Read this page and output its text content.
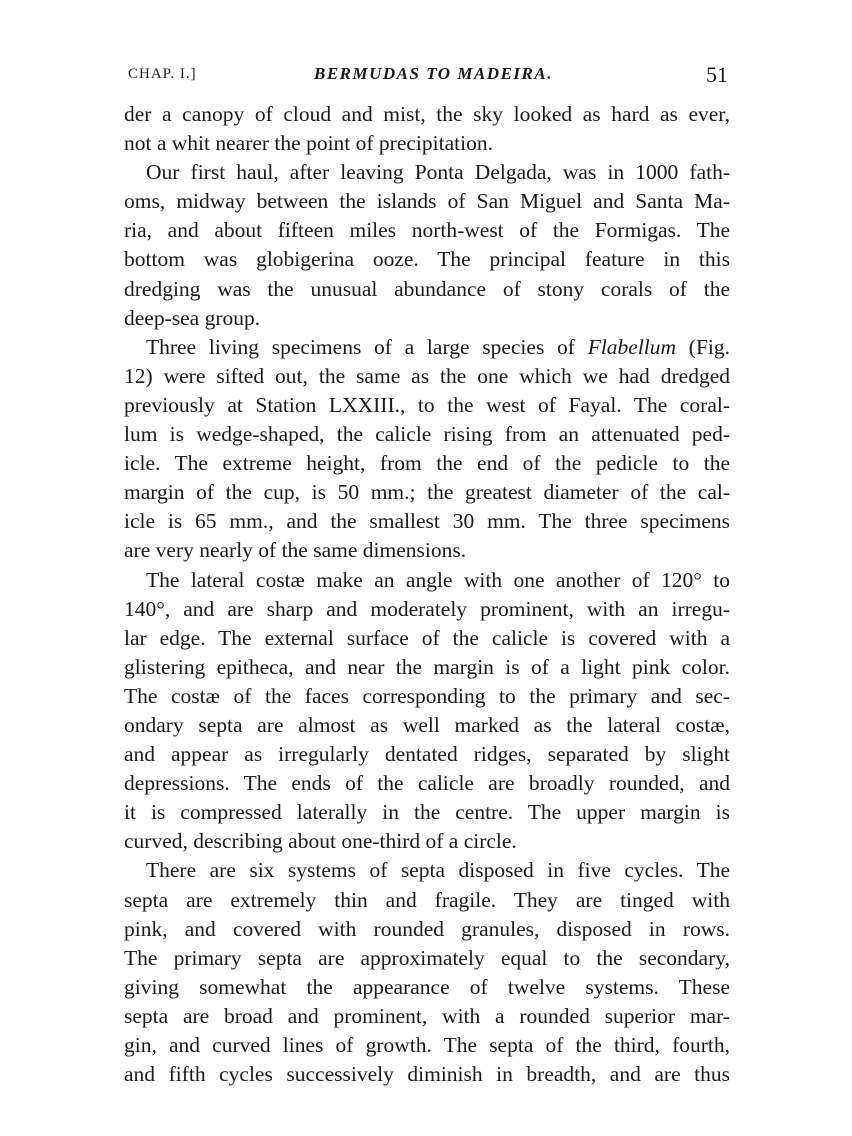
CHAP. I.]	BERMUDAS TO MADEIRA.	51
der a canopy of cloud and mist, the sky looked as hard as ever,
not a whit nearer the point of precipitation.
Our first haul, after leaving Ponta Delgada, was in 1000 fath-
oms, midway between the islands of San Miguel and Santa Ma-
ria, and about fifteen miles north-west of the Formigas. The
bottom was globigerina ooze. The principal feature in this
dredging was the unusual abundance of stony corals of the
deep-sea group.
Three living specimens of a large species of Flabellum (Fig.
12) were sifted out, the same as the one which we had dredged
previously at Station LXXIII., to the west of Fayal. The coral-
lum is wedge-shaped, the calicle rising from an attenuated ped-
icle. The extreme height, from the end of the pedicle to the
margin of the cup, is 50 mm.; the greatest diameter of the cal-
icle is 65 mm., and the smallest 30 mm. The three specimens
are very nearly of the same dimensions.
The lateral costæ make an angle with one another of 120° to
140°, and are sharp and moderately prominent, with an irregu-
lar edge. The external surface of the calicle is covered with a
glistering epitheca, and near the margin is of a light pink color.
The costæ of the faces corresponding to the primary and sec-
ondary septa are almost as well marked as the lateral costæ,
and appear as irregularly dentated ridges, separated by slight
depressions. The ends of the calicle are broadly rounded, and
it is compressed laterally in the centre. The upper margin is
curved, describing about one-third of a circle.
There are six systems of septa disposed in five cycles. The
septa are extremely thin and fragile. They are tinged with
pink, and covered with rounded granules, disposed in rows.
The primary septa are approximately equal to the secondary,
giving somewhat the appearance of twelve systems. These
septa are broad and prominent, with a rounded superior mar-
gin, and curved lines of growth. The septa of the third, fourth,
and fifth cycles successively diminish in breadth, and are thus
